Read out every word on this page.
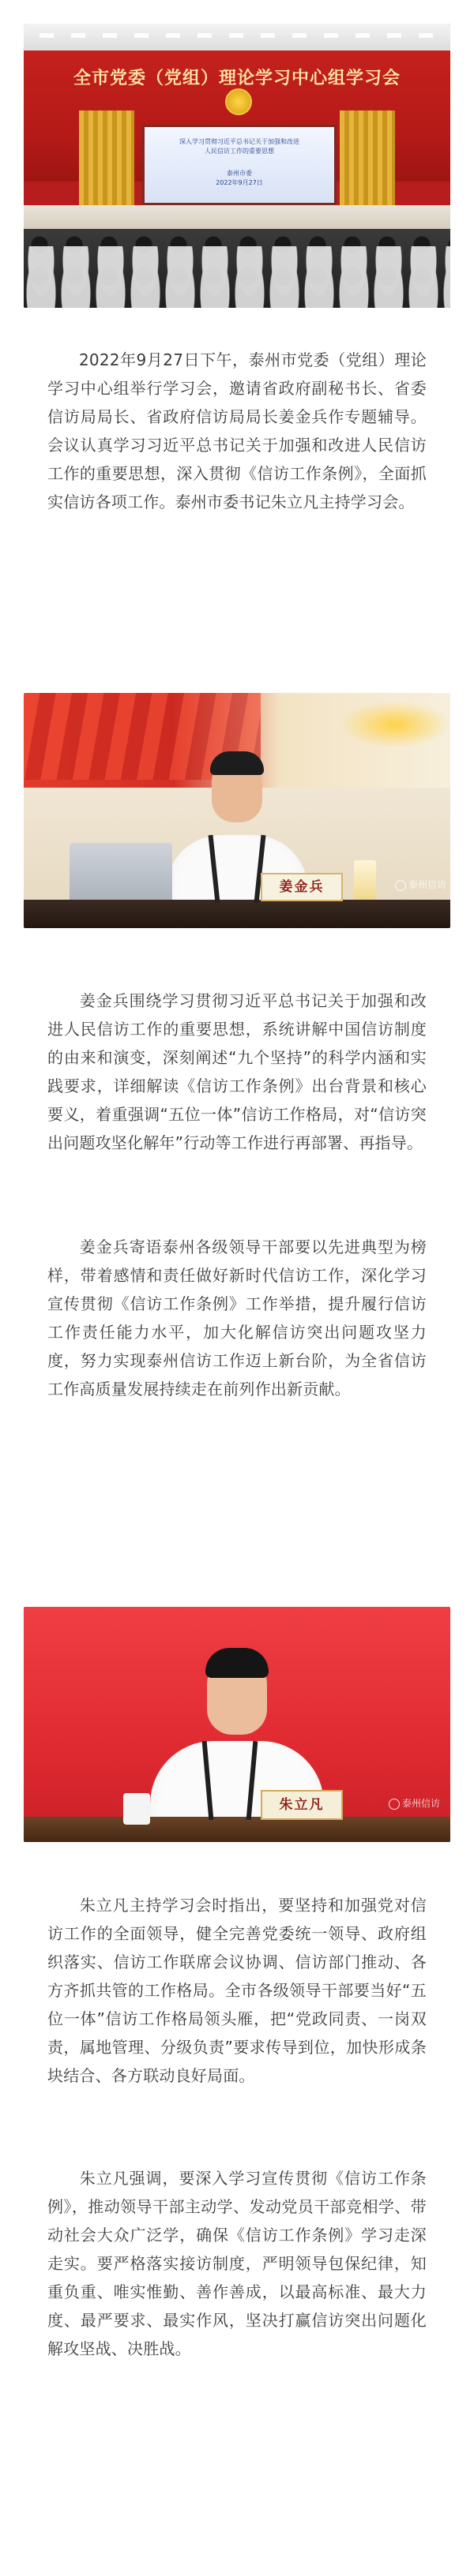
全市党委（党组）理论学习中心组学习会
深入学习贯彻习近平总书记关于加强和改进
人民信访工作的重要思想
泰州市委
2022年9月27日

2022年9月27日下午，泰州市党委（党组）理论学习中心组举行学习会，邀请省政府副秘书长、省委信访局局长、省政府信访局局长姜金兵作专题辅导。会议认真学习习近平总书记关于加强和改进人民信访工作的重要思想，深入贯彻《信访工作条例》，全面抓实信访各项工作。泰州市委书记朱立凡主持学习会。

姜金兵	泰州信访

姜金兵围绕学习贯彻习近平总书记关于加强和改进人民信访工作的重要思想，系统讲解中国信访制度的由来和演变，深刻阐述“九个坚持”的科学内涵和实践要求，详细解读《信访工作条例》出台背景和核心要义，着重强调“五位一体”信访工作格局，对“信访突出问题攻坚化解年”行动等工作进行再部署、再指导。

姜金兵寄语泰州各级领导干部要以先进典型为榜样，带着感情和责任做好新时代信访工作，深化学习宣传贯彻《信访工作条例》工作举措，提升履行信访工作责任能力水平，加大化解信访突出问题攻坚力度，努力实现泰州信访工作迈上新台阶，为全省信访工作高质量发展持续走在前列作出新贡献。

朱立凡	泰州信访

朱立凡主持学习会时指出，要坚持和加强党对信访工作的全面领导，健全完善党委统一领导、政府组织落实、信访工作联席会议协调、信访部门推动、各方齐抓共管的工作格局。全市各级领导干部要当好“五位一体”信访工作格局领头雁，把“党政同责、一岗双责，属地管理、分级负责”要求传导到位，加快形成条块结合、各方联动良好局面。

朱立凡强调，要深入学习宣传贯彻《信访工作条例》，推动领导干部主动学、发动党员干部竞相学、带动社会大众广泛学，确保《信访工作条例》学习走深走实。要严格落实接访制度，严明领导包保纪律，知重负重、唯实惟勤、善作善成，以最高标准、最大力度、最严要求、最实作风，坚决打赢信访突出问题化解攻坚战、决胜战。
